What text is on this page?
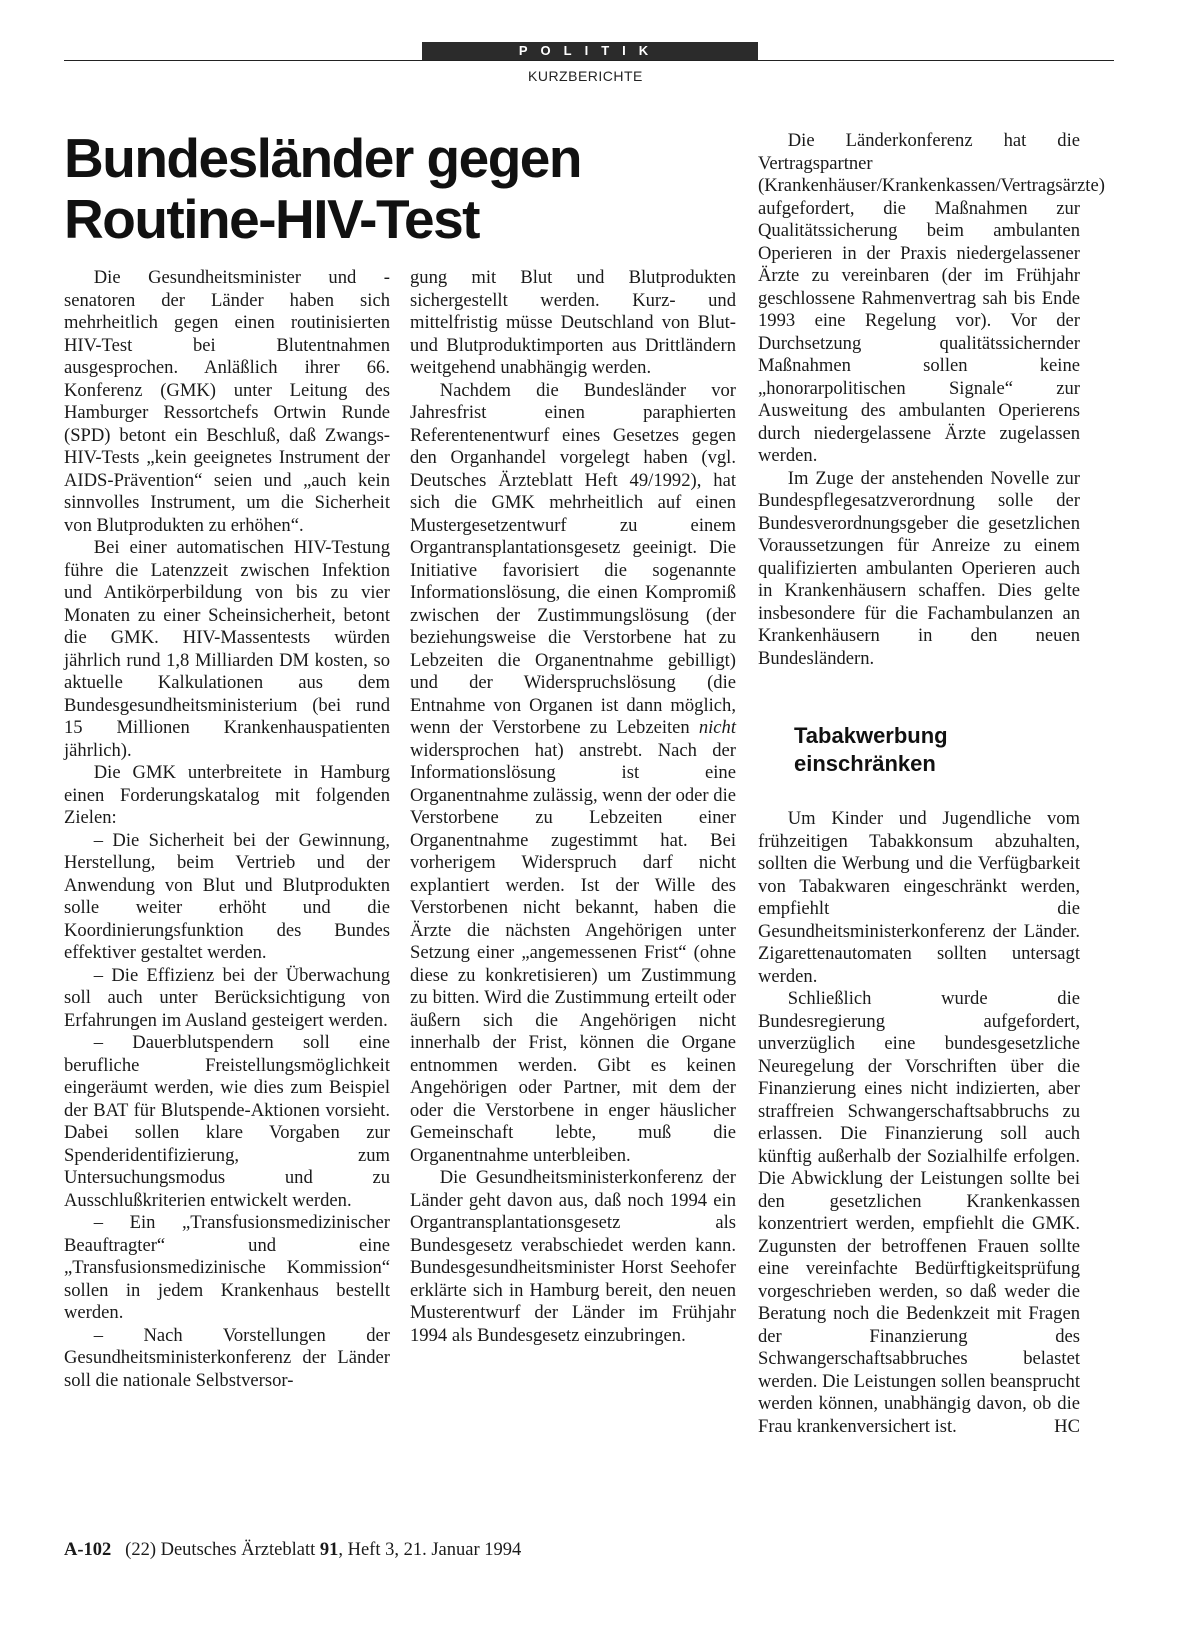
POLITIK
KURZBERICHTE
Bundesländer gegen
Routine-HIV-Test

Die Gesundheitsminister und -senatoren der Länder haben sich mehrheitlich gegen einen routinisierten HIV-Test bei Blutentnahmen ausgesprochen. Anläßlich ihrer 66. Konferenz (GMK) unter Leitung des Hamburger Ressortchefs Ortwin Runde (SPD) betont ein Beschluß, daß Zwangs-HIV-Tests „kein geeignetes Instrument der AIDS-Prävention“ seien und „auch kein sinnvolles Instrument, um die Sicherheit von Blutprodukten zu erhöhen“.

Bei einer automatischen HIV-Testung führe die Latenzzeit zwischen Infektion und Antikörperbildung von bis zu vier Monaten zu einer Scheinsicherheit, betont die GMK. HIV-Massentests würden jährlich rund 1,8 Milliarden DM kosten, so aktuelle Kalkulationen aus dem Bundesgesundheitsministerium (bei rund 15 Millionen Krankenhauspatienten jährlich).

Die GMK unterbreitete in Hamburg einen Forderungskatalog mit folgenden Zielen:

– Die Sicherheit bei der Gewinnung, Herstellung, beim Vertrieb und der Anwendung von Blut und Blutprodukten solle weiter erhöht und die Koordinierungsfunktion des Bundes effektiver gestaltet werden.

– Die Effizienz bei der Überwachung soll auch unter Berücksichtigung von Erfahrungen im Ausland gesteigert werden.

– Dauerblutspendern soll eine berufliche Freistellungsmöglichkeit eingeräumt werden, wie dies zum Beispiel der BAT für Blutspende-Aktionen vorsieht. Dabei sollen klare Vorgaben zur Spenderidentifizierung, zum Untersuchungsmodus und zu Ausschlußkriterien entwickelt werden.

– Ein „Transfusionsmedizinischer Beauftragter“ und eine „Transfusionsmedizinische Kommission“ sollen in jedem Krankenhaus bestellt werden.

– Nach Vorstellungen der Gesundheitsministerkonferenz der Länder soll die nationale Selbstversor-

gung mit Blut und Blutprodukten sichergestellt werden. Kurz- und mittelfristig müsse Deutschland von Blut- und Blutproduktimporten aus Drittländern weitgehend unabhängig werden.

Nachdem die Bundesländer vor Jahresfrist einen paraphierten Referentenentwurf eines Gesetzes gegen den Organhandel vorgelegt haben (vgl. Deutsches Ärzteblatt Heft 49/1992), hat sich die GMK mehrheitlich auf einen Mustergesetzentwurf zu einem Organtransplantationsgesetz geeinigt. Die Initiative favorisiert die sogenannte Informationslösung, die einen Kompromiß zwischen der Zustimmungslösung (der beziehungsweise die Verstorbene hat zu Lebzeiten die Organentnahme gebilligt) und der Widerspruchslösung (die Entnahme von Organen ist dann möglich, wenn der Verstorbene zu Lebzeiten nicht widersprochen hat) anstrebt. Nach der Informationslösung ist eine Organentnahme zulässig, wenn der oder die Verstorbene zu Lebzeiten einer Organentnahme zugestimmt hat. Bei vorherigem Widerspruch darf nicht explantiert werden. Ist der Wille des Verstorbenen nicht bekannt, haben die Ärzte die nächsten Angehörigen unter Setzung einer „angemessenen Frist“ (ohne diese zu konkretisieren) um Zustimmung zu bitten. Wird die Zustimmung erteilt oder äußern sich die Angehörigen nicht innerhalb der Frist, können die Organe entnommen werden. Gibt es keinen Angehörigen oder Partner, mit dem der oder die Verstorbene in enger häuslicher Gemeinschaft lebte, muß die Organentnahme unterbleiben.

Die Gesundheitsministerkonferenz der Länder geht davon aus, daß noch 1994 ein Organtransplantationsgesetz als Bundesgesetz verabschiedet werden kann. Bundesgesundheitsminister Horst Seehofer erklärte sich in Hamburg bereit, den neuen Musterentwurf der Länder im Frühjahr 1994 als Bundesgesetz einzubringen.

Die Länderkonferenz hat die Vertragspartner (Krankenhäuser/Krankenkassen/Vertragsärzte) aufgefordert, die Maßnahmen zur Qualitätssicherung beim ambulanten Operieren in der Praxis niedergelassener Ärzte zu vereinbaren (der im Frühjahr geschlossene Rahmenvertrag sah bis Ende 1993 eine Regelung vor). Vor der Durchsetzung qualitätssichernder Maßnahmen sollen keine „honorarpolitischen Signale“ zur Ausweitung des ambulanten Operierens durch niedergelassene Ärzte zugelassen werden.

Im Zuge der anstehenden Novelle zur Bundespflegesatzverordnung solle der Bundesverordnungsgeber die gesetzlichen Voraussetzungen für Anreize zu einem qualifizierten ambulanten Operieren auch in Krankenhäusern schaffen. Dies gelte insbesondere für die Fachambulanzen an Krankenhäusern in den neuen Bundesländern.

Tabakwerbung
einschränken

Um Kinder und Jugendliche vom frühzeitigen Tabakkonsum abzuhalten, sollten die Werbung und die Verfügbarkeit von Tabakwaren eingeschränkt werden, empfiehlt die Gesundheitsministerkonferenz der Länder. Zigarettenautomaten sollten untersagt werden.

Schließlich wurde die Bundesregierung aufgefordert, unverzüglich eine bundesgesetzliche Neuregelung der Vorschriften über die Finanzierung eines nicht indizierten, aber straffreien Schwangerschaftsabbruchs zu erlassen. Die Finanzierung soll auch künftig außerhalb der Sozialhilfe erfolgen. Die Abwicklung der Leistungen sollte bei den gesetzlichen Krankenkassen konzentriert werden, empfiehlt die GMK. Zugunsten der betroffenen Frauen sollte eine vereinfachte Bedürftigkeitsprüfung vorgeschrieben werden, so daß weder die Beratung noch die Bedenkzeit mit Fragen der Finanzierung des Schwangerschaftsabbruches belastet werden. Die Leistungen sollen beansprucht werden können, unabhängig davon, ob die Frau krankenversichert ist.	HC

A-102 (22) Deutsches Ärzteblatt 91, Heft 3, 21. Januar 1994
